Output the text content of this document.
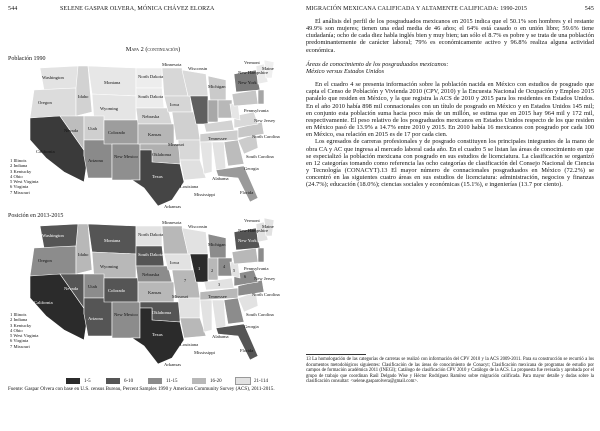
544	SELENE GASPAR OLVERA, MÓNICA CHÁVEZ ELORZA
Mapa 2 (continuación)
Población 1990
Washington
Oregon
California
Nevada
Idaho
Montana
Wyoming
Utah
Arizona
Colorado
New Mexico
North Dakota
South Dakota
Nebraska
Kansas
Oklahoma
Texas
Minnesota
Iowa
Missouri
Arkansas
Louisiana
Wisconsin
Michigan
Mississippi
Alabama
Georgia
Florida
Tennessee	North Carolina
South Carolina
New York
Pennsylvania
New Jersey
Vermont
New Hampshire
Maine
1 Illinois
2 Indiana
3 Kentucky
4 Ohio
5 West Virginia
6 Virginia
7 Missouri
Posición en 2013-2015
Washington
Oregon
California
Nevada
Idaho
Montana
Wyoming
Utah
Arizona
Colorado
New Mexico
North Dakota
South Dakota
Nebraska
Kansas
Oklahoma
Texas
Minnesota
Iowa
Missouri
Arkansas
Louisiana
Wisconsin
Michigan
Mississippi
Alabama
Georgia
Florida
Tennessee	North Carolina
South Carolina
New York
Pennsylvania
New Jersey
Vermont
New Hampshire
Maine
1 2
3
4
5
6
7
1 Illinois
2 Indiana
3 Kentucky
4 Ohio
5 West Virginia
6 Virginia
7 Missouri
1-5	6-10	11-15	16-20	21-114
Fuente: Gaspar Olvera con base en U.S. census Bureau, Percent Samples 1990 y American Community Survey (ACS), 2011-2015.
MIGRACIÓN MEXICANA CALIFICADA Y ALTAMENTE CALIFICADA: 1990-2015	545

El análisis del perfil de los posgraduados mexicanos en 2015 indica que el 50.1% son hombres y el restante 49.9% son mujeres; tienen una edad media de 46 años; el 64% está casado o en unión libre; 59.6% tiene ciudadanía; ocho de cada diez habla inglés bien y muy bien; tan sólo el 8.7% es pobre y se trata de una población predominantemente de carácter laboral; 79% es económicamente activo y 96.8% realiza alguna actividad económica.

Áreas de conocimiento de los posgraduados mexicanos:

México versus Estados Unidos

En el cuadro 4 se presenta información sobre la población nacida en México con estudios de posgrado que capta el Censo de Población y Vivienda 2010 (CPV, 2010) y la Encuesta Nacional de Ocupación y Empleo 2015 paralelo que residen en México, y la que registra la ACS de 2010 y 2015 para los residentes en Estados Unidos. En el año 2010 había 898 mil connacionales con un título de posgrado en México y en Estados Unidos 145 mil; en conjunto esta población suma hacia poco más de un millón, se estima que en 2015 hay 964 mil y 172 mil, respectivamente. El peso relativo de los posgraduados mexicanos en Estados Unidos respecto de los que residen en México pasó de 13.9% a 14.7% entre 2010 y 2015. En 2010 había 16 mexicanos con posgrado por cada 100 en México, esa relación en 2015 es de 17 por cada cien.

Los egresados de carreras profesionales y de posgrado constituyen los principales integrantes de la mano de obra CA y AC que ingresa al mercado laboral cada año. En el cuadro 5 se listan las áreas de conocimiento en que se especializó la población mexicana con posgrado en sus estudios de licenciatura. La clasificación se organizó en 12 categorías tomando como referencia las ocho categorías de clasificación del Consejo Nacional de Ciencia y Tecnología (CONACYT).13 El mayor número de connacionales posgraduados en México (72.2%) se concentró en las siguientes cuatro áreas en sus estudios de licenciatura: administración, negocios y finanzas (24.7%); educación (18.0%); ciencias sociales y económicas (15.1%), e ingenierías (13.7 por ciento).

13 La homologación de las categorías de carreras se realizó con información del CPV 2010 y la ACS 2009-2011. Para su construcción se recurrió a los documentos metodológicos siguientes: Clasificación de las áreas de conocimiento de Conacyt; Clasificación mexicana de programas de estudio por campos de formación académica 2011 (INEGI); Catálogo de clasificación CPV 2010 y Catálogo de la ACS. La propuesta fue revisada y aprobada por el grupo de trabajo que coordinan Raúl Delgado Wise y Héctor Rodríguez Ramírez sobre migración calificada. Para mayor detalle y dudas sobre la clasificación consultar: <selene.gasparolvera@gmail.com>.
